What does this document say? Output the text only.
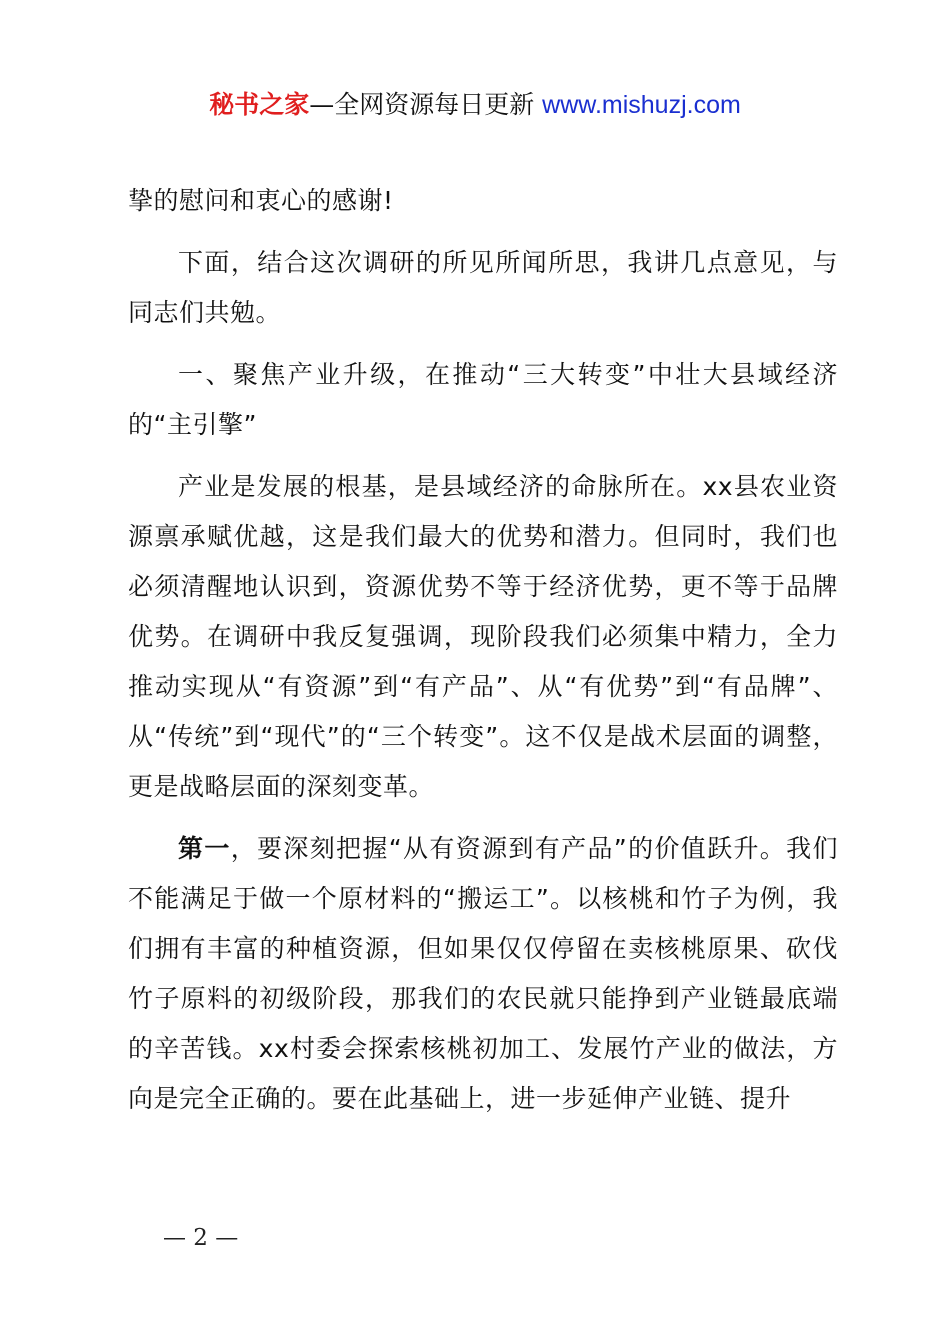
秘书之家—全网资源每日更新 www.mishuzj.com

挚的慰问和衷心的感谢!

下面，结合这次调研的所见所闻所思，我讲几点意见，与同志们共勉。

一、聚焦产业升级，在推动“三大转变”中壮大县域经济的“主引擎”

产业是发展的根基，是县域经济的命脉所在。xx县农业资源禀承赋优越，这是我们最大的优势和潜力。但同时，我们也必须清醒地认识到，资源优势不等于经济优势，更不等于品牌优势。在调研中我反复强调，现阶段我们必须集中精力，全力推动实现从“有资源”到“有产品”、从“有优势”到“有品牌”、从“传统”到“现代”的“三个转变”。这不仅是战术层面的调整，更是战略层面的深刻变革。

第一，要深刻把握“从有资源到有产品”的价值跃升。我们不能满足于做一个原材料的“搬运工”。以核桃和竹子为例，我们拥有丰富的种植资源，但如果仅仅停留在卖核桃原果、砍伐竹子原料的初级阶段，那我们的农民就只能挣到产业链最底端的辛苦钱。xx村委会探索核桃初加工、发展竹产业的做法，方向是完全正确的。要在此基础上，进一步延伸产业链、提升

— 2 —
